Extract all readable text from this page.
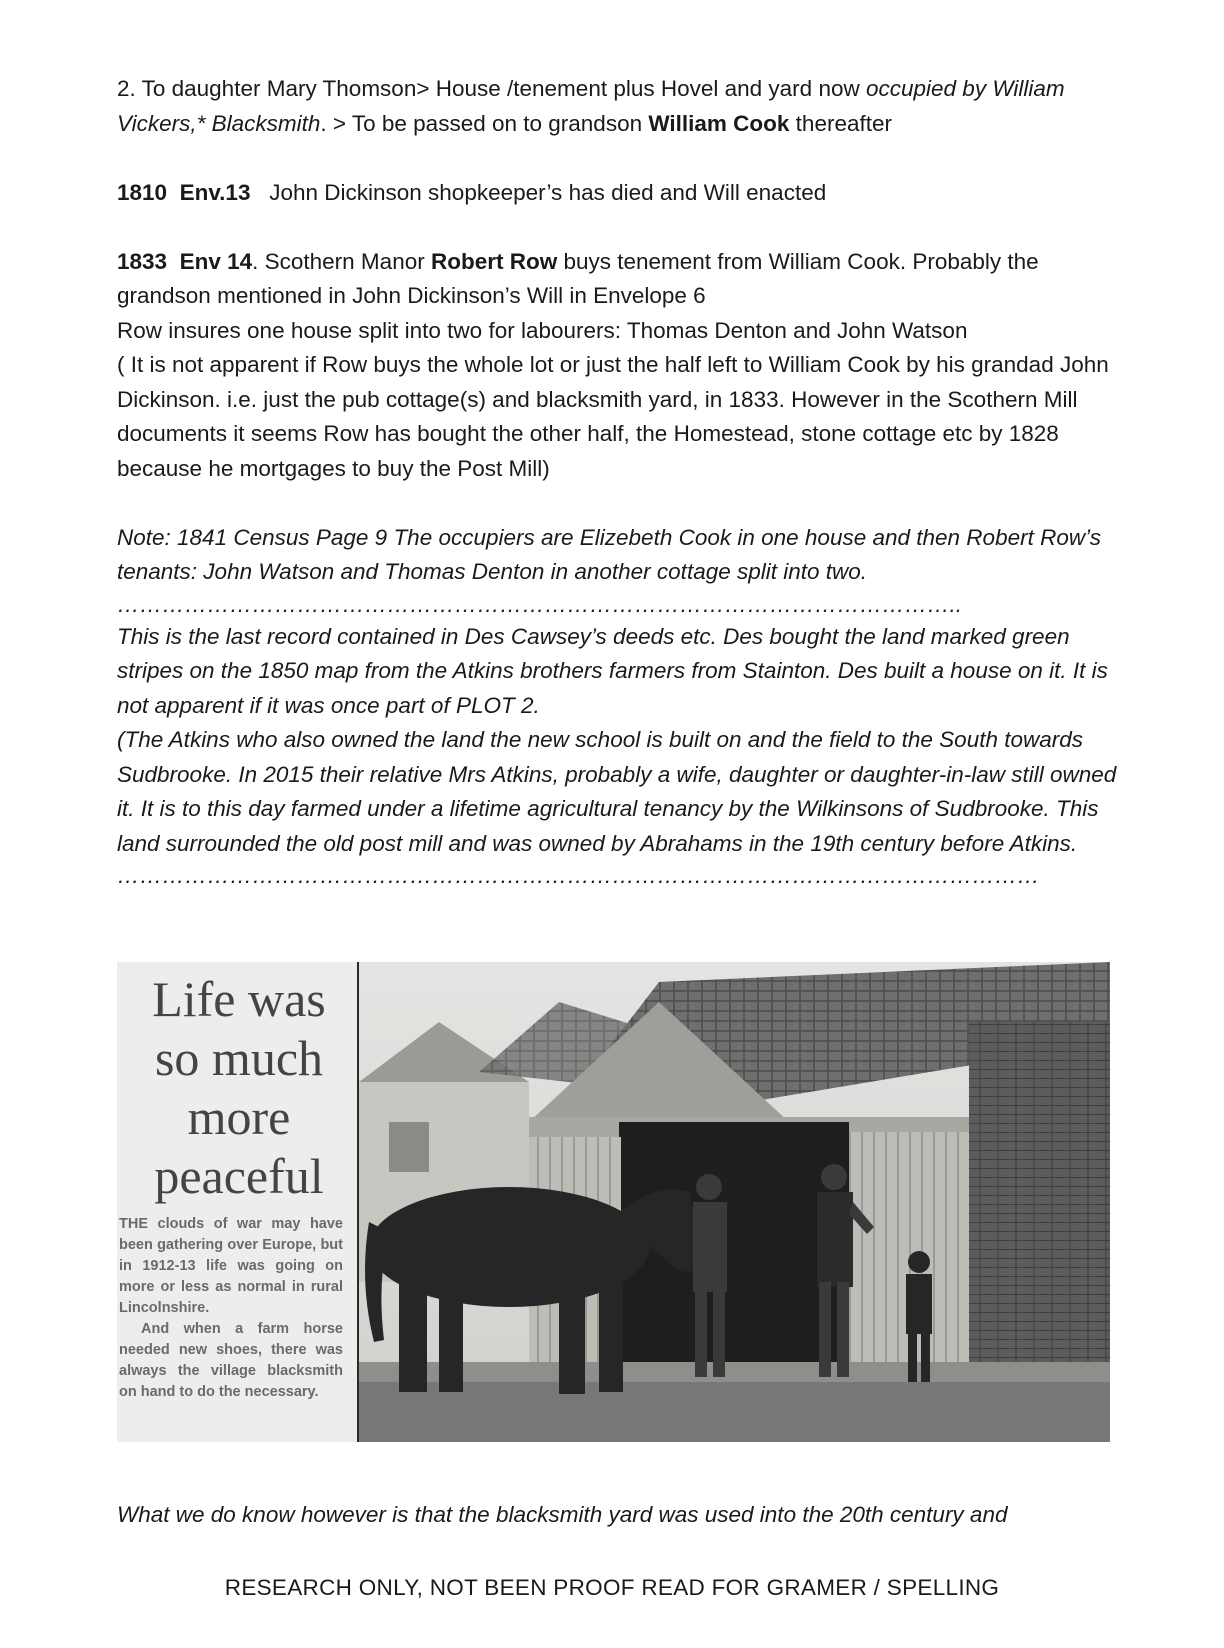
2. To daughter Mary Thomson> House /tenement plus Hovel and yard now occupied by William Vickers,* Blacksmith. > To be passed on to grandson William Cook thereafter

1810 Env.13 John Dickinson shopkeeper’s has died and Will enacted

1833 Env 14. Scothern Manor Robert Row buys tenement from William Cook. Probably the grandson mentioned in John Dickinson’s Will in Envelope 6

Row insures one house split into two for labourers: Thomas Denton and John Watson

( It is not apparent if Row buys the whole lot or just the half left to William Cook by his grandad John Dickinson. i.e. just the pub cottage(s) and blacksmith yard, in 1833. However in the Scothern Mill documents it seems Row has bought the other half, the Homestead, stone cottage etc by 1828 because he mortgages to buy the Post Mill)

Note: 1841 Census Page 9 The occupiers are Elizebeth Cook in one house and then Robert Row’s tenants: John Watson and Thomas Denton in another cottage split into two.

…………………………………………………………………………………………………..

This is the last record contained in Des Cawsey’s deeds etc. Des bought the land marked green stripes on the 1850 map from the Atkins brothers farmers from Stainton. Des built a house on it. It is not apparent if it was once part of PLOT 2.

(The Atkins who also owned the land the new school is built on and the field to the South towards Sudbrooke. In 2015 their relative Mrs Atkins, probably a wife, daughter or daughter-in-law still owned it. It is to this day farmed under a lifetime agricultural tenancy by the Wilkinsons of Sudbrooke. This land surrounded the old post mill and was owned by Abrahams in the 19th century before Atkins.

……………………………………………………………………………………………………………
Life was so much more peaceful
THE clouds of war may have been gathering over Europe, but in 1912-13 life was going on more or less as normal in rural Lincolnshire.
And when a farm horse needed new shoes, there was always the village blacksmith on hand to do the necessary.

What we do know however is that the blacksmith yard was used into the 20th century and

RESEARCH ONLY, NOT BEEN PROOF READ FOR GRAMER / SPELLING
